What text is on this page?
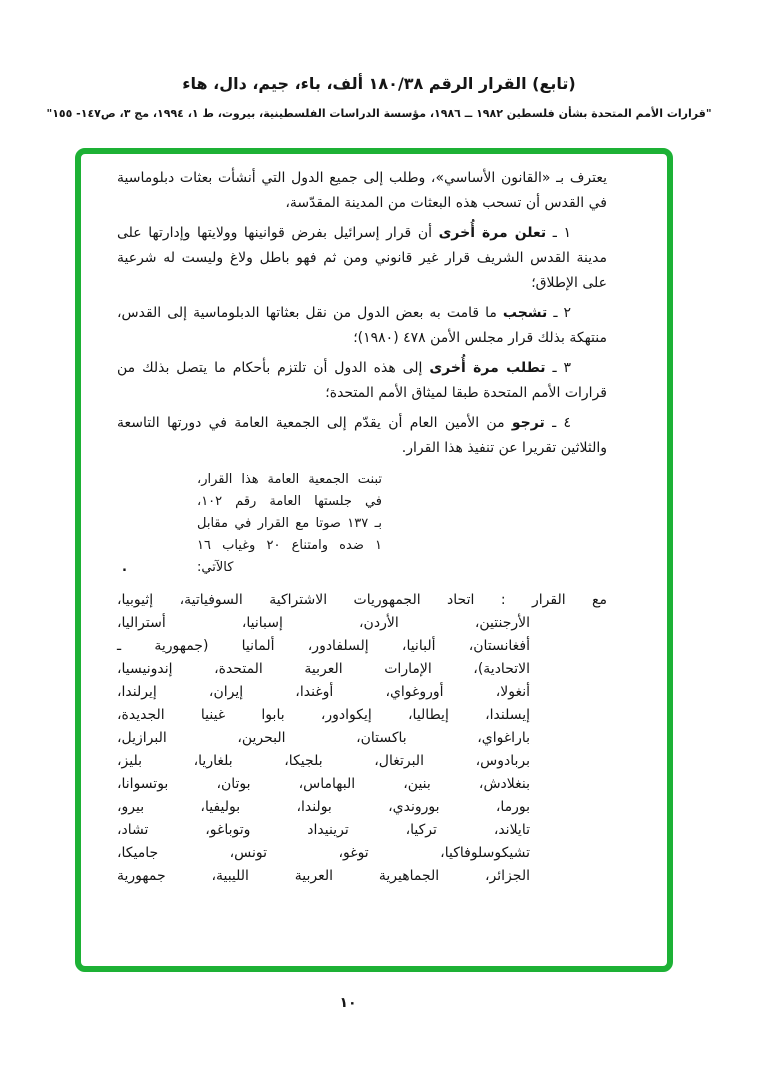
(تابع) القرار الرقم ١٨٠/٣٨ ألف، باء، جيم، دال، هاء
"قرارات الأمم المتحدة بشأن فلسطين ١٩٨٢ ــ ١٩٨٦، مؤسسة الدراسات الفلسطينية، بيروت، ط ١، ١٩٩٤، مج ٣، ص١٤٧- ١٥٥"

يعترف بـ «القانون الأساسي»، وطلب إلى جميع الدول التي أنشأت بعثات دبلوماسية في القدس أن تسحب هذه البعثات من المدينة المقدّسة،

١ ـ تعلن مرة أُخرى أن قرار إسرائيل بفرض قوانينها وولايتها وإدارتها على مدينة القدس الشريف قرار غير قانوني ومن ثم فهو باطل ولاغ وليست له شرعية على الإطلاق؛

٢ ـ تشجب ما قامت به بعض الدول من نقل بعثاتها الدبلوماسية إلى القدس، منتهكة بذلك قرار مجلس الأمن ٤٧٨ (١٩٨٠)؛

٣ ـ تطلب مرة أُخرى إلى هذه الدول أن تلتزم بأحكام ما يتصل بذلك من قرارات الأمم المتحدة طبقا لميثاق الأمم المتحدة؛

٤ ـ ترجو من الأمين العام أن يقدّم إلى الجمعية العامة في دورتها التاسعة والثلاثين تقريرا عن تنفيذ هذا القرار.

تبنت الجمعية العامة هذا القرار،
في جلستها العامة رقم ١٠٢،
بـ ١٣٧ صوتا مع القرار في مقابل
١ ضده وامتناع ٢٠ وغياب ١٦
.	كالآتي:
مع القرار : اتحاد الجمهوريات الاشتراكية السوفياتية، إثيوبيا،
الأرجنتين، الأردن، إسبانيا، أستراليا،
أفغانستان، ألبانيا، إلسلفادور، ألمانيا (جمهورية ـ
الاتحادية)، الإمارات العربية المتحدة، إندونيسيا،
أنغولا، أوروغواي، أوغندا، إيران، إيرلندا،
إيسلندا، إيطاليا، إيكوادور، بابوا غينيا الجديدة،
باراغواي، باكستان، البحرين، البرازيل،
بربادوس، البرتغال، بلجيكا، بلغاريا، بليز،
بنغلادش، بنين، البهاماس، بوتان، بوتسوانا،
بورما، بوروندي، بولندا، بوليفيا، بيرو،
تايلاند، تركيا، ترينيداد وتوباغو، تشاد،
تشيكوسلوفاكيا، توغو، تونس، جاميكا،
الجزائر، الجماهيرية العربية الليبية، جمهورية
١٠
